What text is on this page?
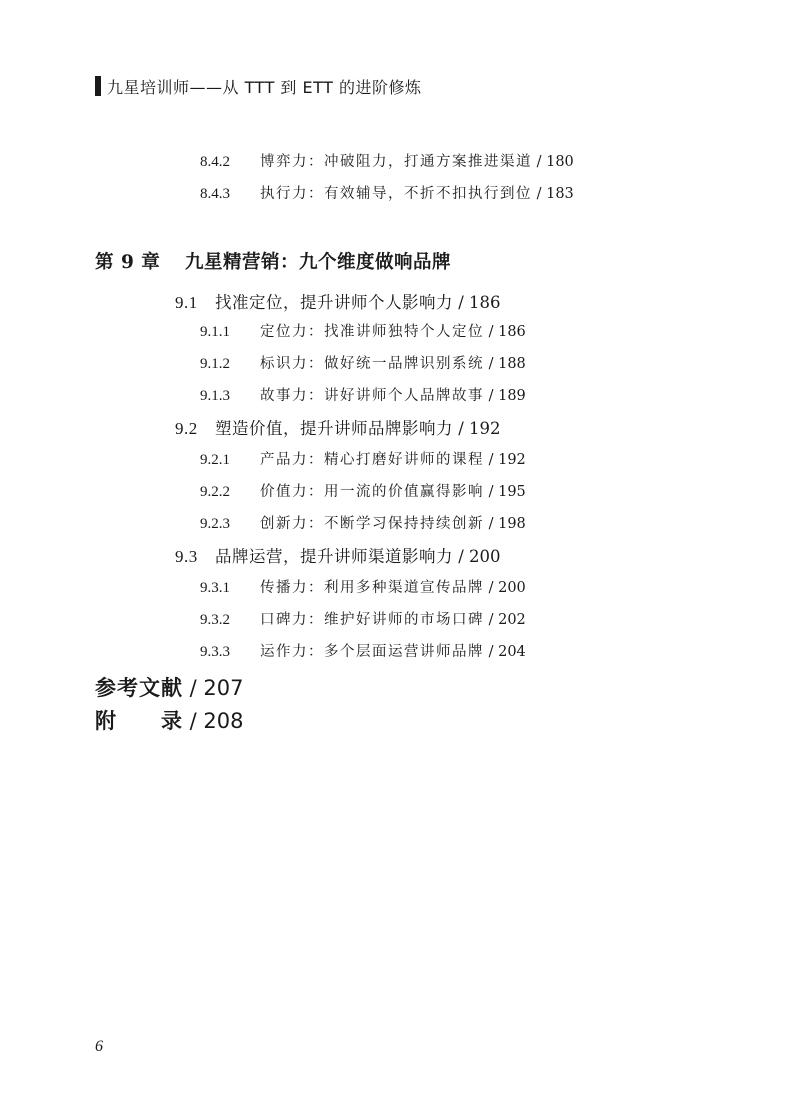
九星培训师——从 TTT 到 ETT 的进阶修炼
8.4.2 博弈力：冲破阻力，打通方案推进渠道 / 180
8.4.3 执行力：有效辅导，不折不扣执行到位 / 183
第 9 章 九星精营销：九个维度做响品牌
9.1 找准定位，提升讲师个人影响力 / 186
9.1.1 定位力：找准讲师独特个人定位 / 186
9.1.2 标识力：做好统一品牌识别系统 / 188
9.1.3 故事力：讲好讲师个人品牌故事 / 189
9.2 塑造价值，提升讲师品牌影响力 / 192
9.2.1 产品力：精心打磨好讲师的课程 / 192
9.2.2 价值力：用一流的价值赢得影响 / 195
9.2.3 创新力：不断学习保持持续创新 / 198
9.3 品牌运营，提升讲师渠道影响力 / 200
9.3.1 传播力：利用多种渠道宣传品牌 / 200
9.3.2 口碑力：维护好讲师的市场口碑 / 202
9.3.3 运作力：多个层面运营讲师品牌 / 204
参考文献 / 207
附　　录 / 208
6
